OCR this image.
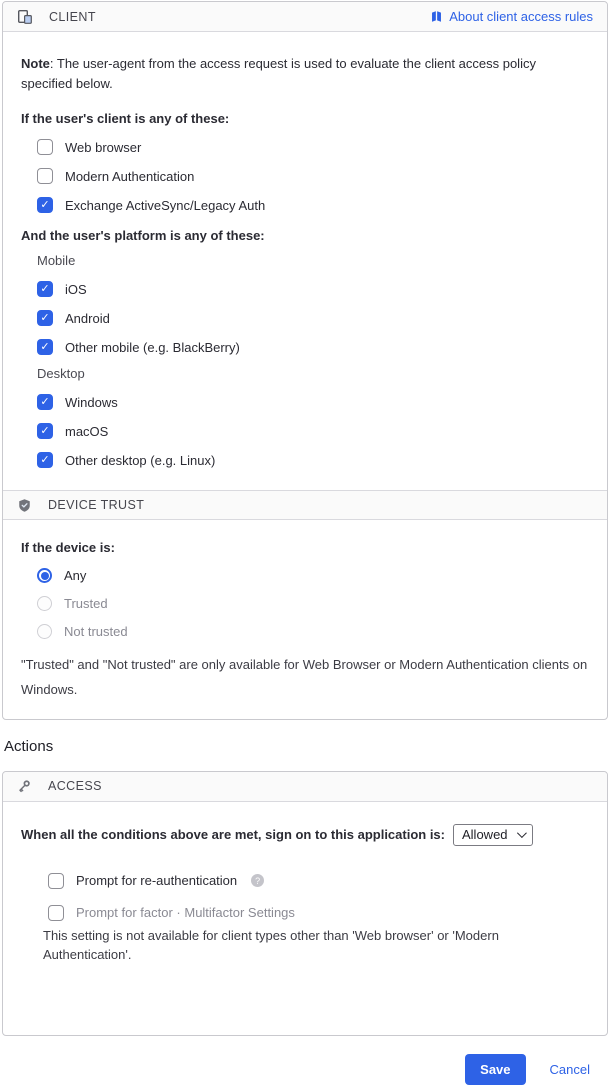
CLIENT	About client access rules

Note: The user-agent from the access request is used to evaluate the client access policy specified below.

If the user's client is any of these:
Web browser
Modern Authentication
✓
Exchange ActiveSync/Legacy Auth
And the user's platform is any of these:
Mobile
✓
iOS
✓
Android
✓
Other mobile (e.g. BlackBerry)
Desktop
✓
Windows
✓
macOS
✓
Other desktop (e.g. Linux)
DEVICE TRUST
If the device is:
Any
Trusted
Not trusted

"Trusted" and "Not trusted" are only available for Web Browser or Modern Authentication clients on Windows.

Actions
ACCESS
When all the conditions above are met, sign on to this application is: Allowed
Prompt for re-authentication	?
Prompt for factor · Multifactor Settings

This setting is not available for client types other than 'Web browser' or 'Modern Authentication'.

Save	Cancel
